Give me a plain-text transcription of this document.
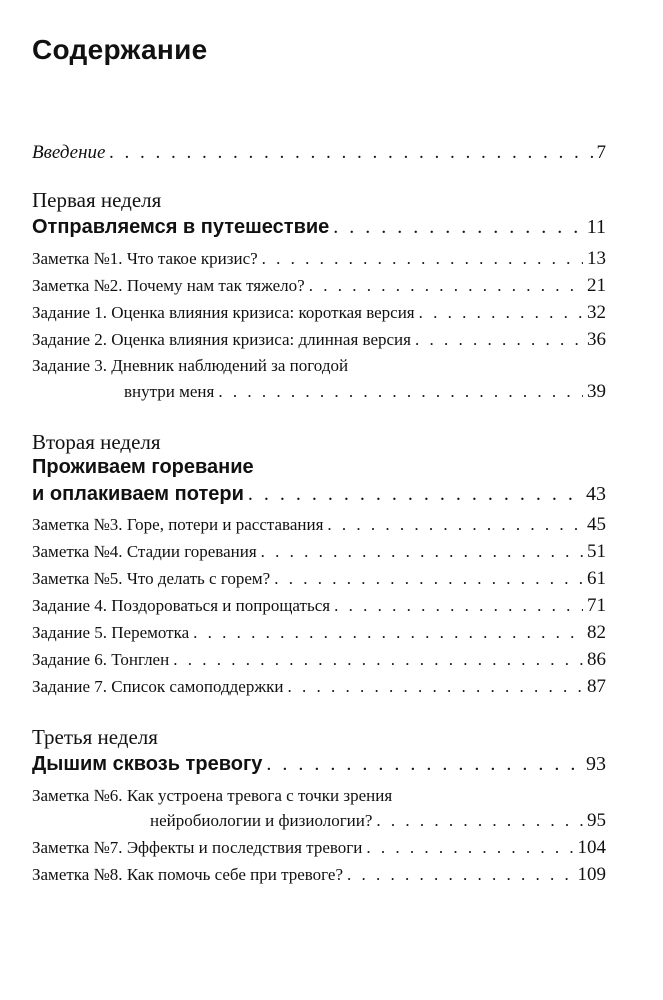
Содержание
Введение . . .	7
Первая неделя
Отправляемся в путешествие . . .	11
Заметка №1. Что такое кризис? . . .	13
Заметка №2. Почему нам так тяжело? . . .	21
Задание 1. Оценка влияния кризиса: короткая версия . . .	32
Задание 2. Оценка влияния кризиса: длинная версия . . .	36
Задание 3. Дневник наблюдений за погодой
внутри меня . . .	39
Вторая неделя
Проживаем горевание
и оплакиваем потери . . .	43
Заметка №3. Горе, потери и расставания . . .	45
Заметка №4. Стадии горевания . . .	51
Заметка №5. Что делать с горем? . . .	61
Задание 4. Поздороваться и попрощаться . . .	71
Задание 5. Перемотка . . .	82
Задание 6. Тонглен . . .	86
Задание 7. Список самоподдержки . . .	87
Третья неделя
Дышим сквозь тревогу . . .	93
Заметка №6. Как устроена тревога с точки зрения
нейробиологии и физиологии? . . .	95
Заметка №7. Эффекты и последствия тревоги . . .	104
Заметка №8. Как помочь себе при тревоге? . . .	109
